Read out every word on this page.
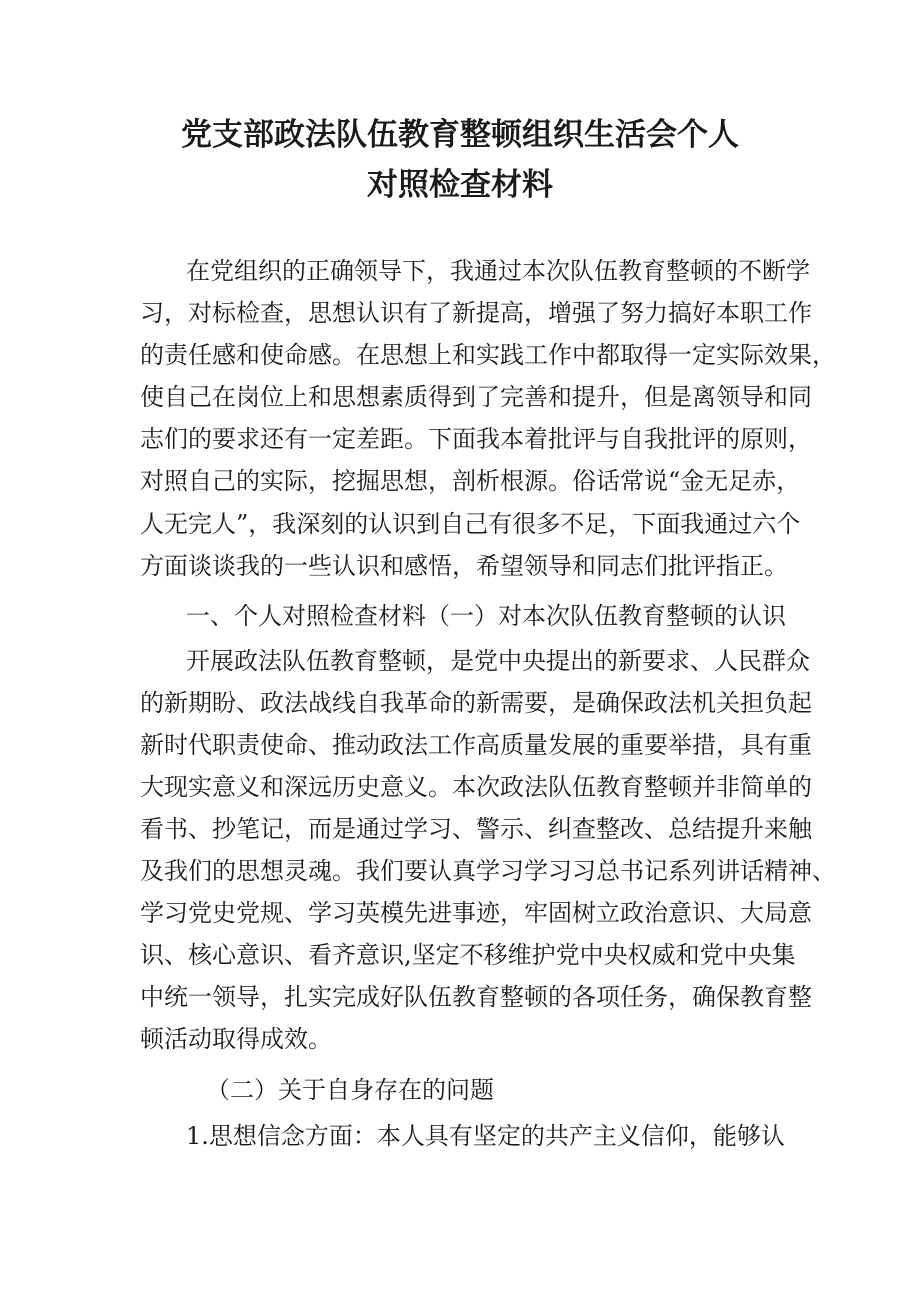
党支部政法队伍教育整顿组织生活会个人
对照检查材料

在党组织的正确领导下，我通过本次队伍教育整顿的不断学

习，对标检查，思想认识有了新提高，增强了努力搞好本职工作

的责任感和使命感。在思想上和实践工作中都取得一定实际效果，

使自己在岗位上和思想素质得到了完善和提升，但是离领导和同

志们的要求还有一定差距。下面我本着批评与自我批评的原则，

对照自己的实际，挖掘思想，剖析根源。俗话常说“金无足赤，

人无完人”，我深刻的认识到自己有很多不足，下面我通过六个

方面谈谈我的一些认识和感悟，希望领导和同志们批评指正。

一、个人对照检查材料（一）对本次队伍教育整顿的认识

开展政法队伍教育整顿，是党中央提出的新要求、人民群众

的新期盼、政法战线自我革命的新需要，是确保政法机关担负起

新时代职责使命、推动政法工作高质量发展的重要举措，具有重

大现实意义和深远历史意义。本次政法队伍教育整顿并非简单的

看书、抄笔记，而是通过学习、警示、纠查整改、总结提升来触

及我们的思想灵魂。我们要认真学习学习习总书记系列讲话精神、

学习党史党规、学习英模先进事迹，牢固树立政治意识、大局意

识、核心意识、看齐意识,坚定不移维护党中央权威和党中央集

中统一领导，扎实完成好队伍教育整顿的各项任务，确保教育整

顿活动取得成效。

（二）关于自身存在的问题

1.思想信念方面：本人具有坚定的共产主义信仰，能够认
